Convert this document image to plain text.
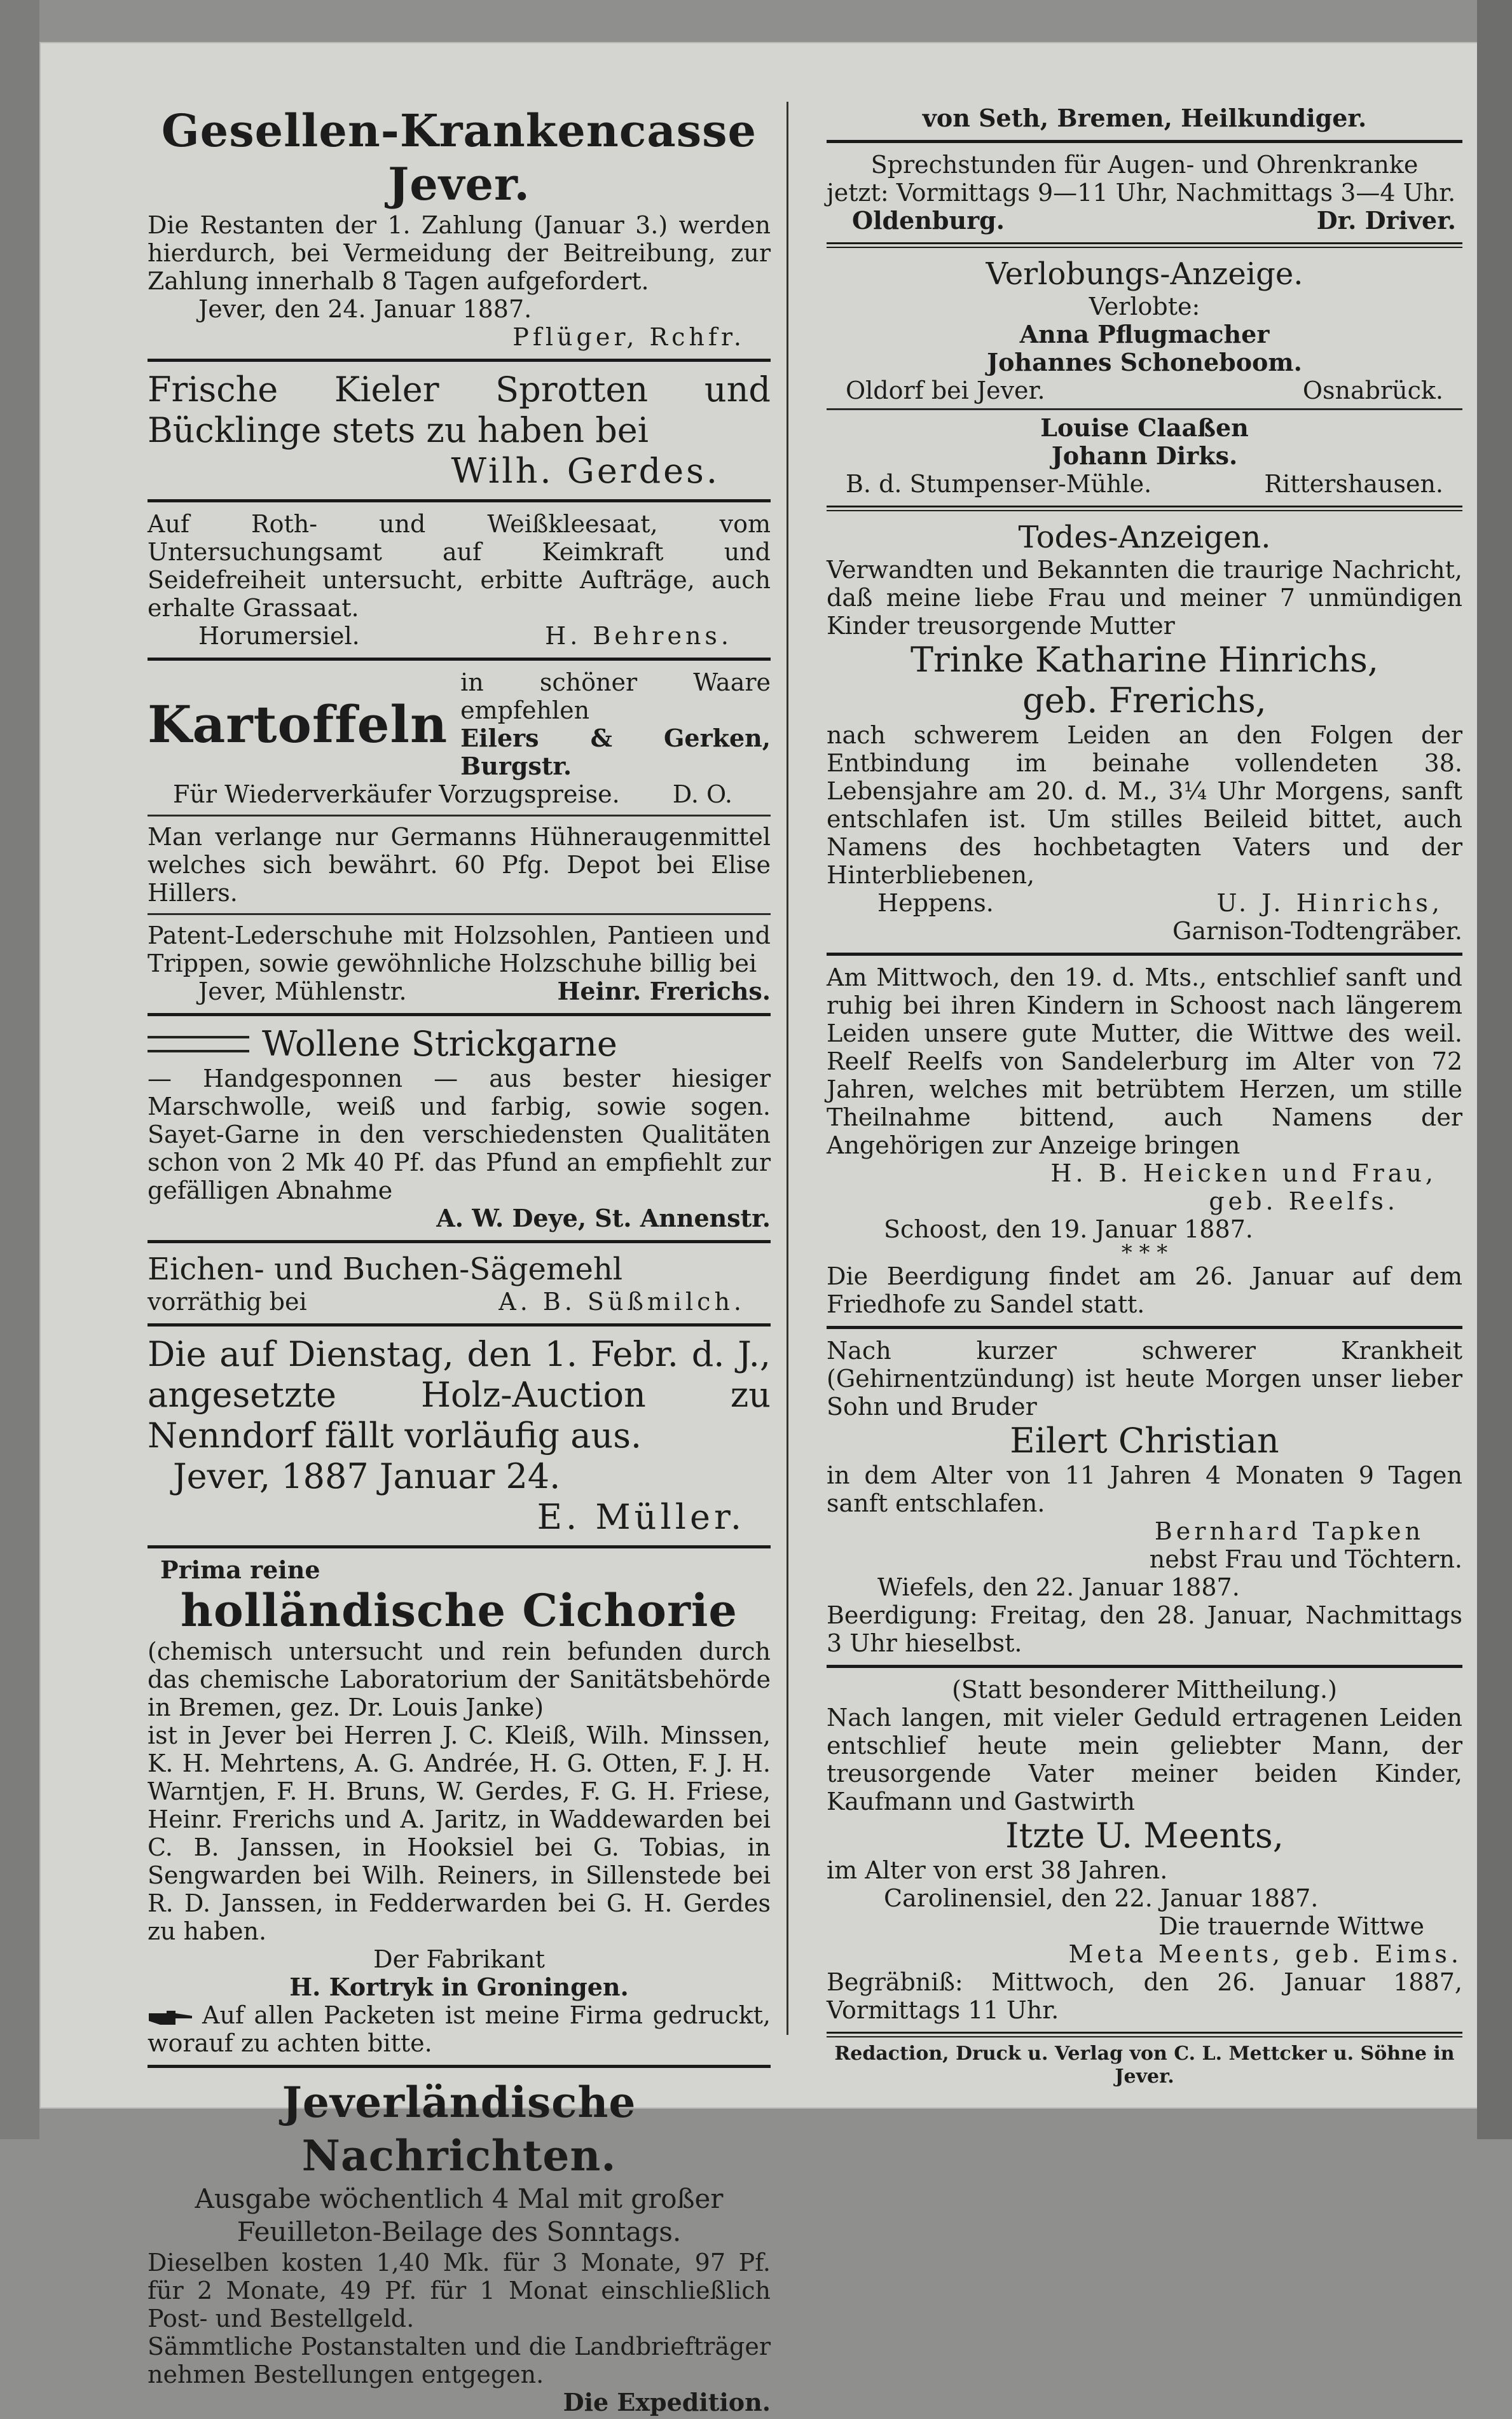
Gesellen-Krankencasse Jever.
Die Restanten der 1. Zahlung (Januar 3.) werden hierdurch, bei Vermeidung der Beitreibung, zur Zahlung innerhalb 8 Tagen aufgefordert.
Jever, den 24. Januar 1887.
Pflüger, Rchfr.
Frische Kieler Sprotten und Bücklinge stets zu haben bei
Wilh. Gerdes.
Auf Roth- und Weißkleesaat, vom Untersuchungsamt auf Keimkraft und Seidefreiheit untersucht, erbitte Aufträge, auch erhalte Grassaat.
Horumersiel.	H. Behrens.
Kartoffeln
in schöner Waare empfehlen
Eilers & Gerken, Burgstr.
Für Wiederverkäufer Vorzugspreise. D. O.
Man verlange nur Germanns Hühneraugenmittel welches sich bewährt. 60 Pfg. Depot bei Elise Hillers.
Patent-Lederschuhe mit Holzsohlen, Pantieen und Trippen, sowie gewöhnliche Holzschuhe billig bei
Jever, Mühlenstr.	Heinr. Frerichs.
Wollene Strickgarne
— Handgesponnen — aus bester hiesiger Marschwolle, weiß und farbig, sowie sogen. Sayet-Garne in den verschiedensten Qualitäten schon von 2 Mk 40 Pf. das Pfund an empfiehlt zur gefälligen Abnahme
A. W. Deye, St. Annenstr.
Eichen- und Buchen-Sägemehl
vorräthig bei	A. B. Süßmilch.
Die auf Dienstag, den 1. Febr. d. J., angesetzte Holz-Auction zu Nenndorf fällt vorläufig aus.
Jever, 1887 Januar 24.
E. Müller.
Prima reine
holländische Cichorie
(chemisch untersucht und rein befunden durch das chemische Laboratorium der Sanitätsbehörde in Bremen, gez. Dr. Louis Janke)
ist in Jever bei Herren J. C. Kleiß, Wilh. Minssen, K. H. Mehrtens, A. G. Andrée, H. G. Otten, F. J. H. Warntjen, F. H. Bruns, W. Gerdes, F. G. H. Friese, Heinr. Frerichs und A. Jaritz, in Waddewarden bei C. B. Janssen, in Hooksiel bei G. Tobias, in Sengwarden bei Wilh. Reiners, in Sillenstede bei R. D. Janssen, in Fedderwarden bei G. H. Gerdes zu haben.
Der Fabrikant
H. Kortryk in Groningen.
Auf allen Packeten ist meine Firma gedruckt, worauf zu achten bitte.
Jeverländische Nachrichten.
Ausgabe wöchentlich 4 Mal mit großer Feuilleton-Beilage des Sonntags.
Dieselben kosten 1,40 Mk. für 3 Monate, 97 Pf. für 2 Monate, 49 Pf. für 1 Monat einschließlich Post- und Bestellgeld.
Sämmtliche Postanstalten und die Landbriefträger nehmen Bestellungen entgegen.
Die Expedition.
von Seth, Bremen, Heilkundiger.
Sprechstunden für Augen- und Ohrenkranke
jetzt: Vormittags 9—11 Uhr, Nachmittags 3—4 Uhr.
Oldenburg.	Dr. Driver.
Verlobungs-Anzeige.
Verlobte:
Anna Pflugmacher
Johannes Schoneboom.
Oldorf bei Jever.	Osnabrück.
Louise Claaßen
Johann Dirks.
B. d. Stumpenser-Mühle.	Rittershausen.
Todes-Anzeigen.
Verwandten und Bekannten die traurige Nachricht, daß meine liebe Frau und meiner 7 unmündigen Kinder treusorgende Mutter
Trinke Katharine Hinrichs,
geb. Frerichs,
nach schwerem Leiden an den Folgen der Entbindung im beinahe vollendeten 38. Lebensjahre am 20. d. M., 3¼ Uhr Morgens, sanft entschlafen ist. Um stilles Beileid bittet, auch Namens des hochbetagten Vaters und der Hinterbliebenen,
Heppens.	U. J. Hinrichs,
Garnison-Todtengräber.
Am Mittwoch, den 19. d. Mts., entschlief sanft und ruhig bei ihren Kindern in Schoost nach längerem Leiden unsere gute Mutter, die Wittwe des weil. Reelf Reelfs von Sandelerburg im Alter von 72 Jahren, welches mit betrübtem Herzen, um stille Theilnahme bittend, auch Namens der Angehörigen zur Anzeige bringen
H. B. Heicken und Frau,
geb. Reelfs.
Schoost, den 19. Januar 1887.
* * *
Die Beerdigung findet am 26. Januar auf dem Friedhofe zu Sandel statt.
Nach kurzer schwerer Krankheit (Gehirnentzündung) ist heute Morgen unser lieber Sohn und Bruder
Eilert Christian
in dem Alter von 11 Jahren 4 Monaten 9 Tagen sanft entschlafen.
Bernhard Tapken
nebst Frau und Töchtern.
Wiefels, den 22. Januar 1887.
Beerdigung: Freitag, den 28. Januar, Nachmittags 3 Uhr hieselbst.
(Statt besonderer Mittheilung.)
Nach langen, mit vieler Geduld ertragenen Leiden entschlief heute mein geliebter Mann, der treusorgende Vater meiner beiden Kinder, Kaufmann und Gastwirth
Itzte U. Meents,
im Alter von erst 38 Jahren.
Carolinensiel, den 22. Januar 1887.
Die trauernde Wittwe
Meta Meents, geb. Eims.
Begräbniß: Mittwoch, den 26. Januar 1887, Vormittags 11 Uhr.
Redaction, Druck u. Verlag von C. L. Mettcker u. Söhne in Jever.
